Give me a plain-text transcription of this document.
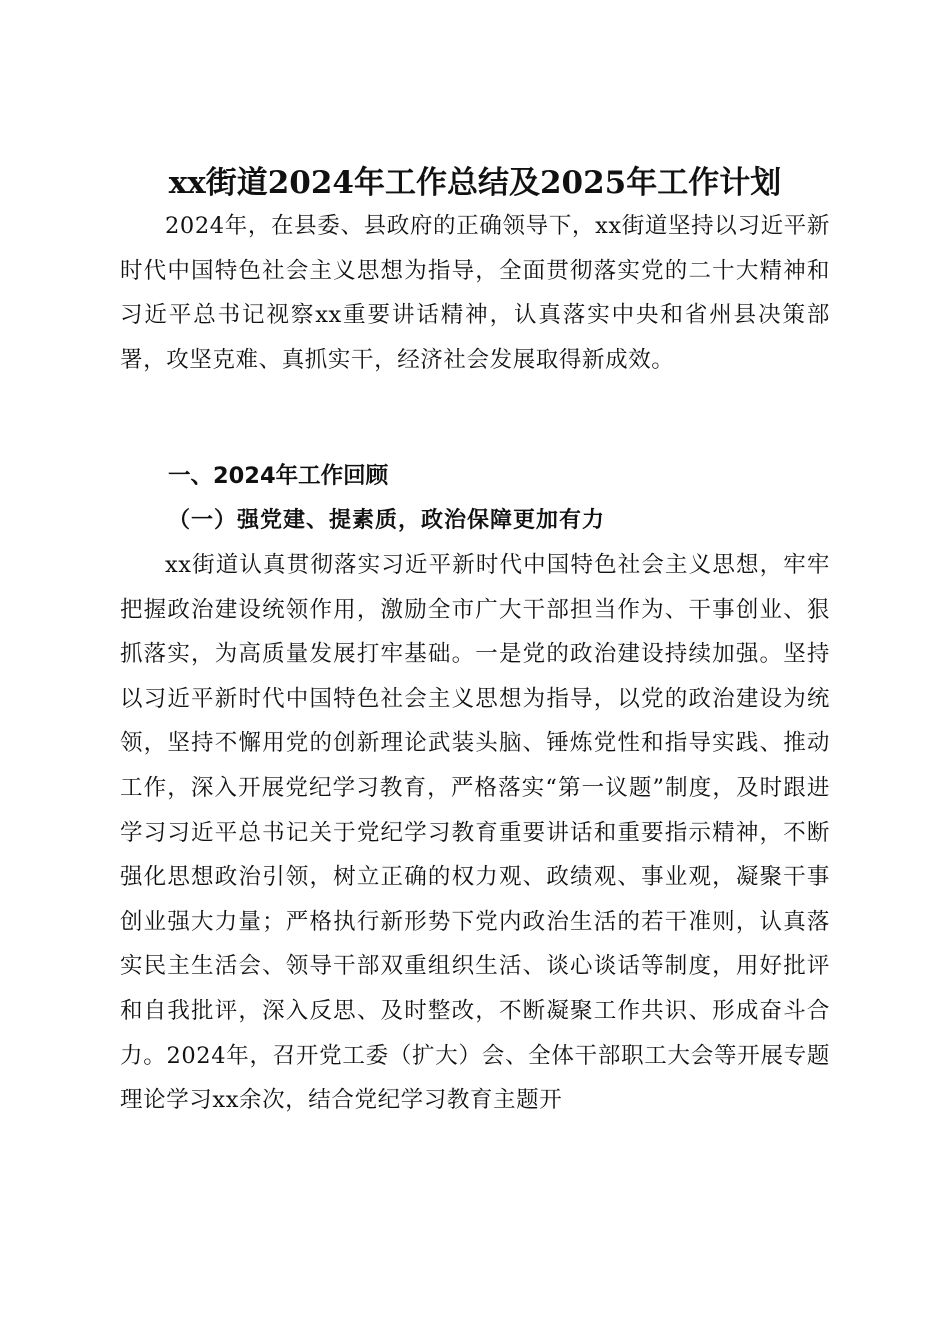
xx街道2024年工作总结及2025年工作计划

2024年，在县委、县政府的正确领导下，xx街道坚持以习近平新时代中国特色社会主义思想为指导，全面贯彻落实党的二十大精神和习近平总书记视察xx重要讲话精神，认真落实中央和省州县决策部署，攻坚克难、真抓实干，经济社会发展取得新成效。

一、2024年工作回顾
（一）强党建、提素质，政治保障更加有力

xx街道认真贯彻落实习近平新时代中国特色社会主义思想，牢牢把握政治建设统领作用，激励全市广大干部担当作为、干事创业、狠抓落实，为高质量发展打牢基础。一是党的政治建设持续加强。坚持以习近平新时代中国特色社会主义思想为指导，以党的政治建设为统领，坚持不懈用党的创新理论武装头脑、锤炼党性和指导实践、推动工作，深入开展党纪学习教育，严格落实“第一议题”制度，及时跟进学习习近平总书记关于党纪学习教育重要讲话和重要指示精神，不断强化思想政治引领，树立正确的权力观、政绩观、事业观，凝聚干事创业强大力量；严格执行新形势下党内政治生活的若干准则，认真落实民主生活会、领导干部双重组织生活、谈心谈话等制度，用好批评和自我批评，深入反思、及时整改，不断凝聚工作共识、形成奋斗合力。2024年，召开党工委（扩大）会、全体干部职工大会等开展专题理论学习xx余次，结合党纪学习教育主题开
